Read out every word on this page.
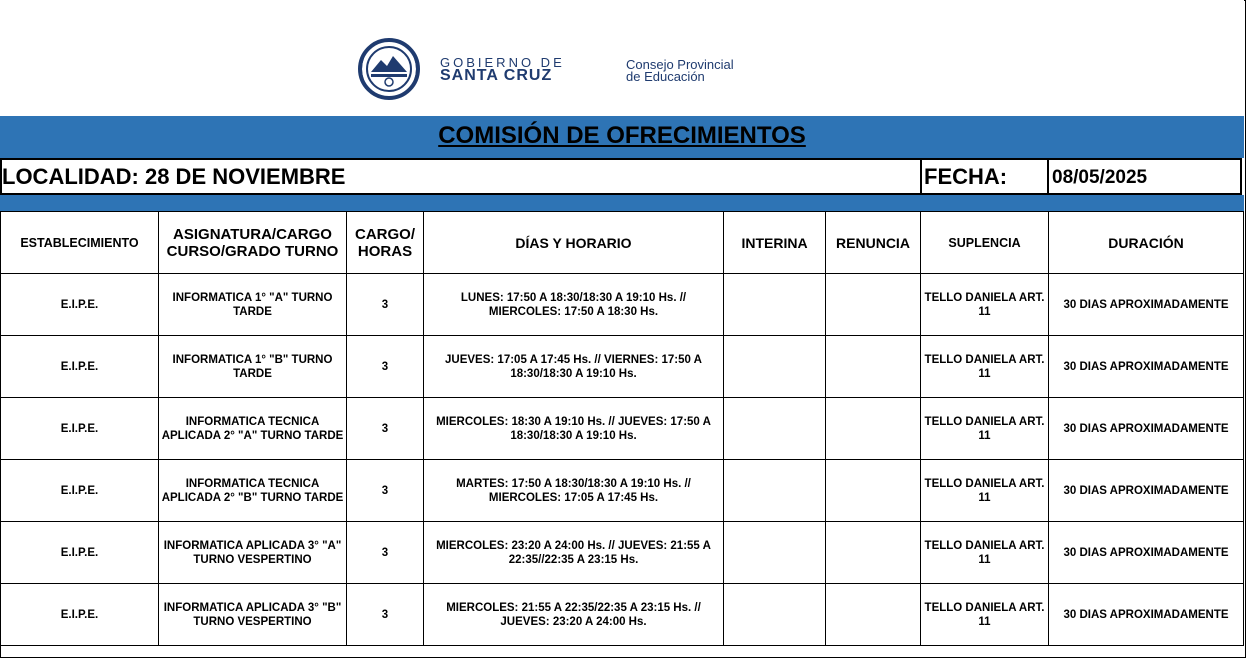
GOBIERNO DE
SANTA CRUZ
Consejo Provincial
de Educación
COMISIÓN DE OFRECIMIENTOS
LOCALIDAD: 28 DE NOVIEMBRE	FECHA: 08/05/2025
ESTABLECIMIENTO	ASIGNATURA/CARGO CURSO/GRADO TURNO	CARGO/ HORAS	DÍAS Y HORARIO	INTERINA	RENUNCIA	SUPLENCIA	DURACIÓN
E.I.P.E.	INFORMATICA 1° "A" TURNO TARDE	3	LUNES: 17:50 A 18:30/18:30 A 19:10 Hs. // MIERCOLES: 17:50 A 18:30 Hs.			TELLO DANIELA ART. 11	30 DIAS APROXIMADAMENTE
E.I.P.E.	INFORMATICA 1° "B" TURNO TARDE	3	JUEVES: 17:05 A 17:45 Hs. // VIERNES: 17:50 A 18:30/18:30 A 19:10 Hs.			TELLO DANIELA ART. 11	30 DIAS APROXIMADAMENTE
E.I.P.E.	INFORMATICA TECNICA APLICADA 2° "A" TURNO TARDE	3	MIERCOLES: 18:30 A 19:10 Hs. // JUEVES: 17:50 A 18:30/18:30 A 19:10 Hs.			TELLO DANIELA ART. 11	30 DIAS APROXIMADAMENTE
E.I.P.E.	INFORMATICA TECNICA APLICADA 2° "B" TURNO TARDE	3	MARTES: 17:50 A 18:30/18:30 A 19:10 Hs. // MIERCOLES: 17:05 A 17:45 Hs.			TELLO DANIELA ART. 11	30 DIAS APROXIMADAMENTE
E.I.P.E.	INFORMATICA APLICADA 3° "A" TURNO VESPERTINO	3	MIERCOLES: 23:20 A 24:00 Hs. // JUEVES: 21:55 A 22:35//22:35 A 23:15 Hs.			TELLO DANIELA ART. 11	30 DIAS APROXIMADAMENTE
E.I.P.E.	INFORMATICA APLICADA 3° "B" TURNO VESPERTINO	3	MIERCOLES: 21:55 A 22:35/22:35 A 23:15 Hs. // JUEVES: 23:20 A 24:00 Hs.			TELLO DANIELA ART. 11	30 DIAS APROXIMADAMENTE
